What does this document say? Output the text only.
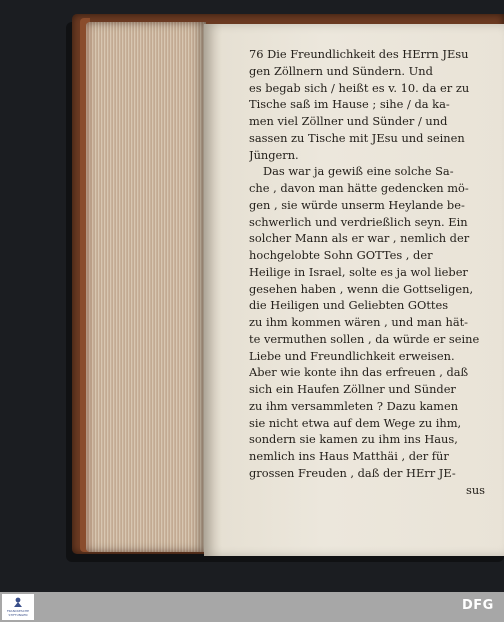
76 Die Freundlichkeit des HErrn JEsu
gen Zöllnern und Sündern. Und
es begab sich / heißt es v. 10. da er zu
Tische saß im Hause ; sihe / da ka-
men viel Zöllner und Sünder / und
sassen zu Tische mit JEsu und seinen
Jüngern.
Das war ja gewiß eine solche Sa-
che , davon man hätte gedencken mö-
gen , sie würde unserm Heylande be-
schwerlich und verdrießlich seyn. Ein
solcher Mann als er war , nemlich der
hochgelobte Sohn GOTTes , der
Heilige in Israel, solte es ja wol lieber
gesehen haben , wenn die Gottseligen,
die Heiligen und Geliebten GOttes
zu ihm kommen wären , und man hät-
te vermuthen sollen , da würde er seine
Liebe und Freundlichkeit erweisen.
Aber wie konte ihn das erfreuen , daß
sich ein Haufen Zöllner und Sünder
zu ihm versammleten ? Dazu kamen
sie nicht etwa auf dem Wege zu ihm,
sondern sie kamen zu ihm ins Haus,
nemlich ins Haus Matthäi , der für
grossen Freuden , daß der HErr JE-
sus
FRANCKESCHE
STIFTUNGEN
DFG
